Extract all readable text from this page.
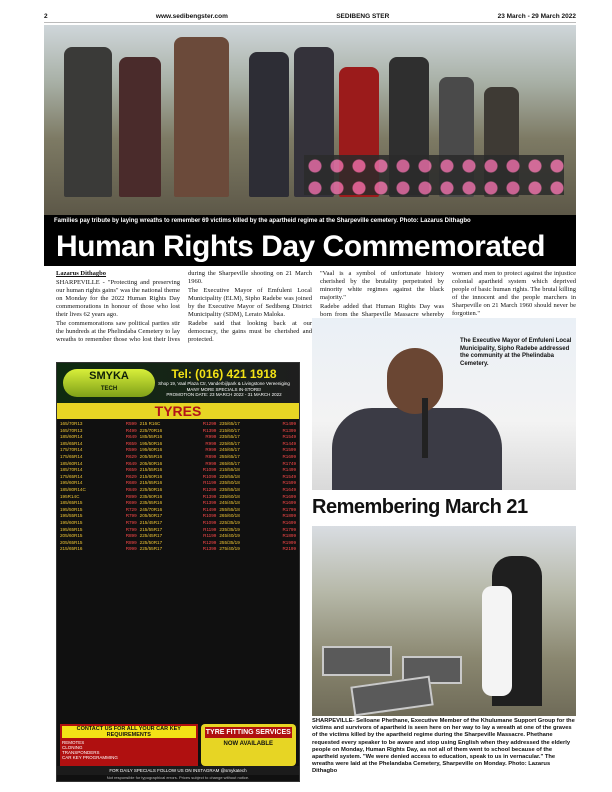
2	www.sedibengster.com	SEDIBENG STER	23 March - 29 March 2022
Families pay tribute by laying wreaths to remember 69 victims killed by the apartheid regime at the Sharpeville cemetery. Photo: Lazarus Dithagbo
Human Rights Day Commemorated

Lazarus Dithagbo

SHARPEVILLE - "Protecting and preserving our human rights gains" was the national theme on Monday for the 2022 Human Rights Day commemorations in honour of those who lost their lives 62 years ago.

The commemorations saw political parties stir the hundreds at the Phelindaba Cemetery to lay wreaths to remember those who lost their lives during the Sharpeville shooting on 21 March 1960.

The Executive Mayor of Emfuleni Local Municipality (ELM), Sipho Radebe was joined by the Executive Mayor of Sedibeng District Municipality (SDM), Lerato Maloka.

Radebe said that looking back at our democracy, the gains must be cherished and protected.

"Vaal is a symbol of unfortunate history cherished by the brutality perpetrated by minority white regimes against the black majority."

Radebe added that Human Rights Day was born from the Sharpeville Massacre whereby women and men to protect against the injustice colonial apartheid system which deprived people of basic human rights. The brutal killing of the innocent and the people marchers in Sharpeville on 21 March 1960 should never be forgotten."

SMYKA
TECH
Tel: (016) 421 1918
Shop 19, Vaal Plaza Ctr, Vanderbijlpark & Livingstone Vereeniging
MANY MORE SPECIALS IN-STORE!
PROMOTION DATE: 23 MARCH 2022 - 31 MARCH 2022
TYRES
165/70R13	R599
165/70R13	R499
185/60R14	R649
185/65R14	R659
175/70R14	R599
175/65R14	R629
185/60R14	R649
185/70R14	R659
175/65R14	R629
195/60R14	R689
185/80R14C	R849
195R14C	R899
185/65R15	R699
195/50R15	R729
195/55R15	R799
195/60R15	R799
195/65R15	R799
205/60R15	R899
205/65R15	R899
215/65R16	R999
215 R16C	R1299
225/70R16	R1399
185/55R16	R999
195/50R16	R999
195/60R16	R999
205/55R16	R899
205/60R16	R999
215/55R16	R1099
215/60R16	R1099
215/65R16	R1199
225/50R16	R1299
235/60R16	R1399
235/65R16	R1399
245/70R16	R1499
205/50R17	R1099
215/45R17	R1099
215/55R17	R1199
225/45R17	R1199
225/50R17	R1299
225/55R17	R1399
235/65/17	R1499
215/60/17	R1399
235/55/17	R1549
225/65/17	R1449
245/65/17	R1599
255/65/17	R1699
265/65/17	R1749
215/55/18	R1499
225/55/18	R1549
235/50/18	R1599
235/55/18	R1649
235/60/18	R1699
245/45/18	R1699
255/55/18	R1799
265/60/18	R1899
225/35/19	R1699
235/35/19	R1799
245/40/19	R1899
255/35/19	R1999
275/40/19	R2199
CONTACT US FOR ALL YOUR CAR KEY REQUIREMENTS
REMOTES
CLONING
TRANSPONDERS
CAR KEY PROGRAMMING
TYRE FITTING SERVICES
NOW AVAILABLE
FOR DAILY SPECIALS FOLLOW US ON INSTAGRAM @smykatech
Not responsible for typographical errors. Prices subject to change without notice.
The Executive Mayor of Emfuleni Local Municipality, Sipho Radebe addressed the community at the Phelindaba Cemetery.
Remembering March 21
SHARPEVILLE- Selloane Phethane, Executive Member of the Khulumane Support Group for the victims and survivors of apartheid is seen here on her way to lay a wreath at one of the graves of the victims killed by the apartheid regime during the Sharpeville Massacre. Phethane requested every speaker to be aware and stop using English when they addressed the elderly people on Monday, Human Rights Day, as not all of them went to school because of the apartheid system. "We were denied access to education, speak to us in vernacular." The wreaths were laid at the Phelandaba Cemetery, Sharpeville on Monday. Photo: Lazarus Dithagbo
